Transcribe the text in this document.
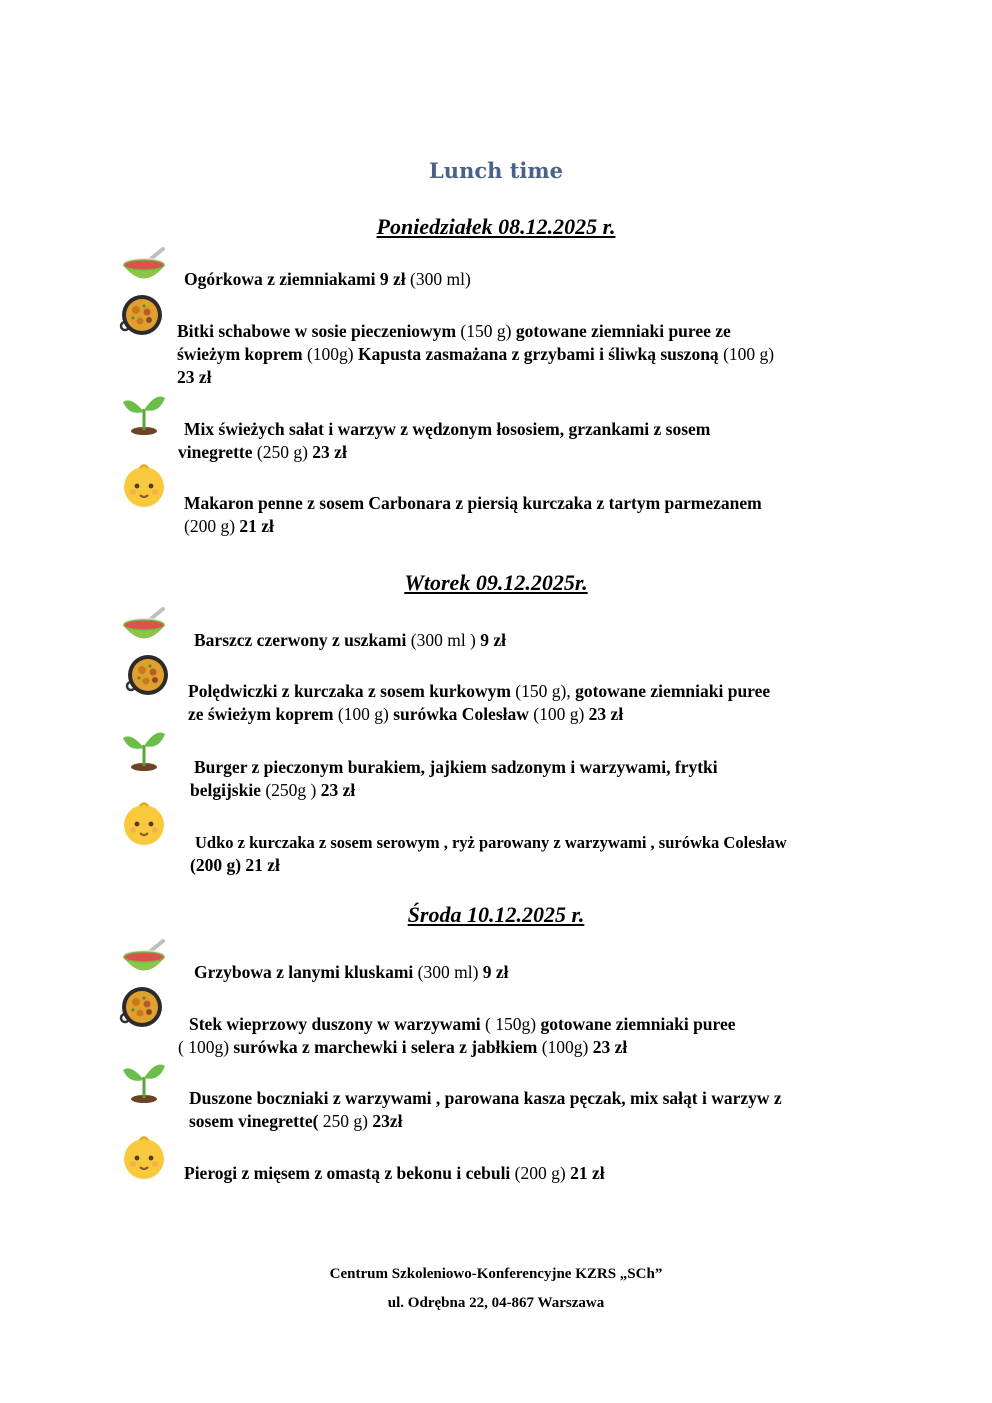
Lunch time
Poniedziałek 08.12.2025 r.
Ogórkowa z ziemniakami 9 zł (300 ml)
Bitki schabowe w sosie pieczeniowym (150 g) gotowane ziemniaki puree ze
świeżym koprem (100g) Kapusta zasmażana z grzybami i śliwką suszoną (100 g)
23 zł
Mix świeżych sałat i warzyw z wędzonym łososiem, grzankami z sosem
vinegrette (250 g) 23 zł
Makaron penne z sosem Carbonara z piersią kurczaka z tartym parmezanem
(200 g) 21 zł
Wtorek 09.12.2025r.
Barszcz czerwony z uszkami (300 ml ) 9 zł
Polędwiczki z kurczaka z sosem kurkowym (150 g), gotowane ziemniaki puree
ze świeżym koprem (100 g) surówka Colesław (100 g) 23 zł
Burger z pieczonym burakiem, jajkiem sadzonym i warzywami, frytki
belgijskie (250g ) 23 zł
Udko z kurczaka z sosem serowym , ryż parowany z warzywami , surówka Colesław
(200 g) 21 zł
Środa 10.12.2025 r.
Grzybowa z lanymi kluskami (300 ml) 9 zł
Stek wieprzowy duszony w warzywami ( 150g) gotowane ziemniaki puree
( 100g) surówka z marchewki i selera z jabłkiem (100g) 23 zł
Duszone boczniaki z warzywami , parowana kasza pęczak, mix sałąt i warzyw z
sosem vinegrette( 250 g) 23zł
Pierogi z mięsem z omastą z bekonu i cebuli (200 g) 21 zł
Centrum Szkoleniowo-Konferencyjne KZRS „SCh”
ul. Odrębna 22, 04-867 Warszawa
